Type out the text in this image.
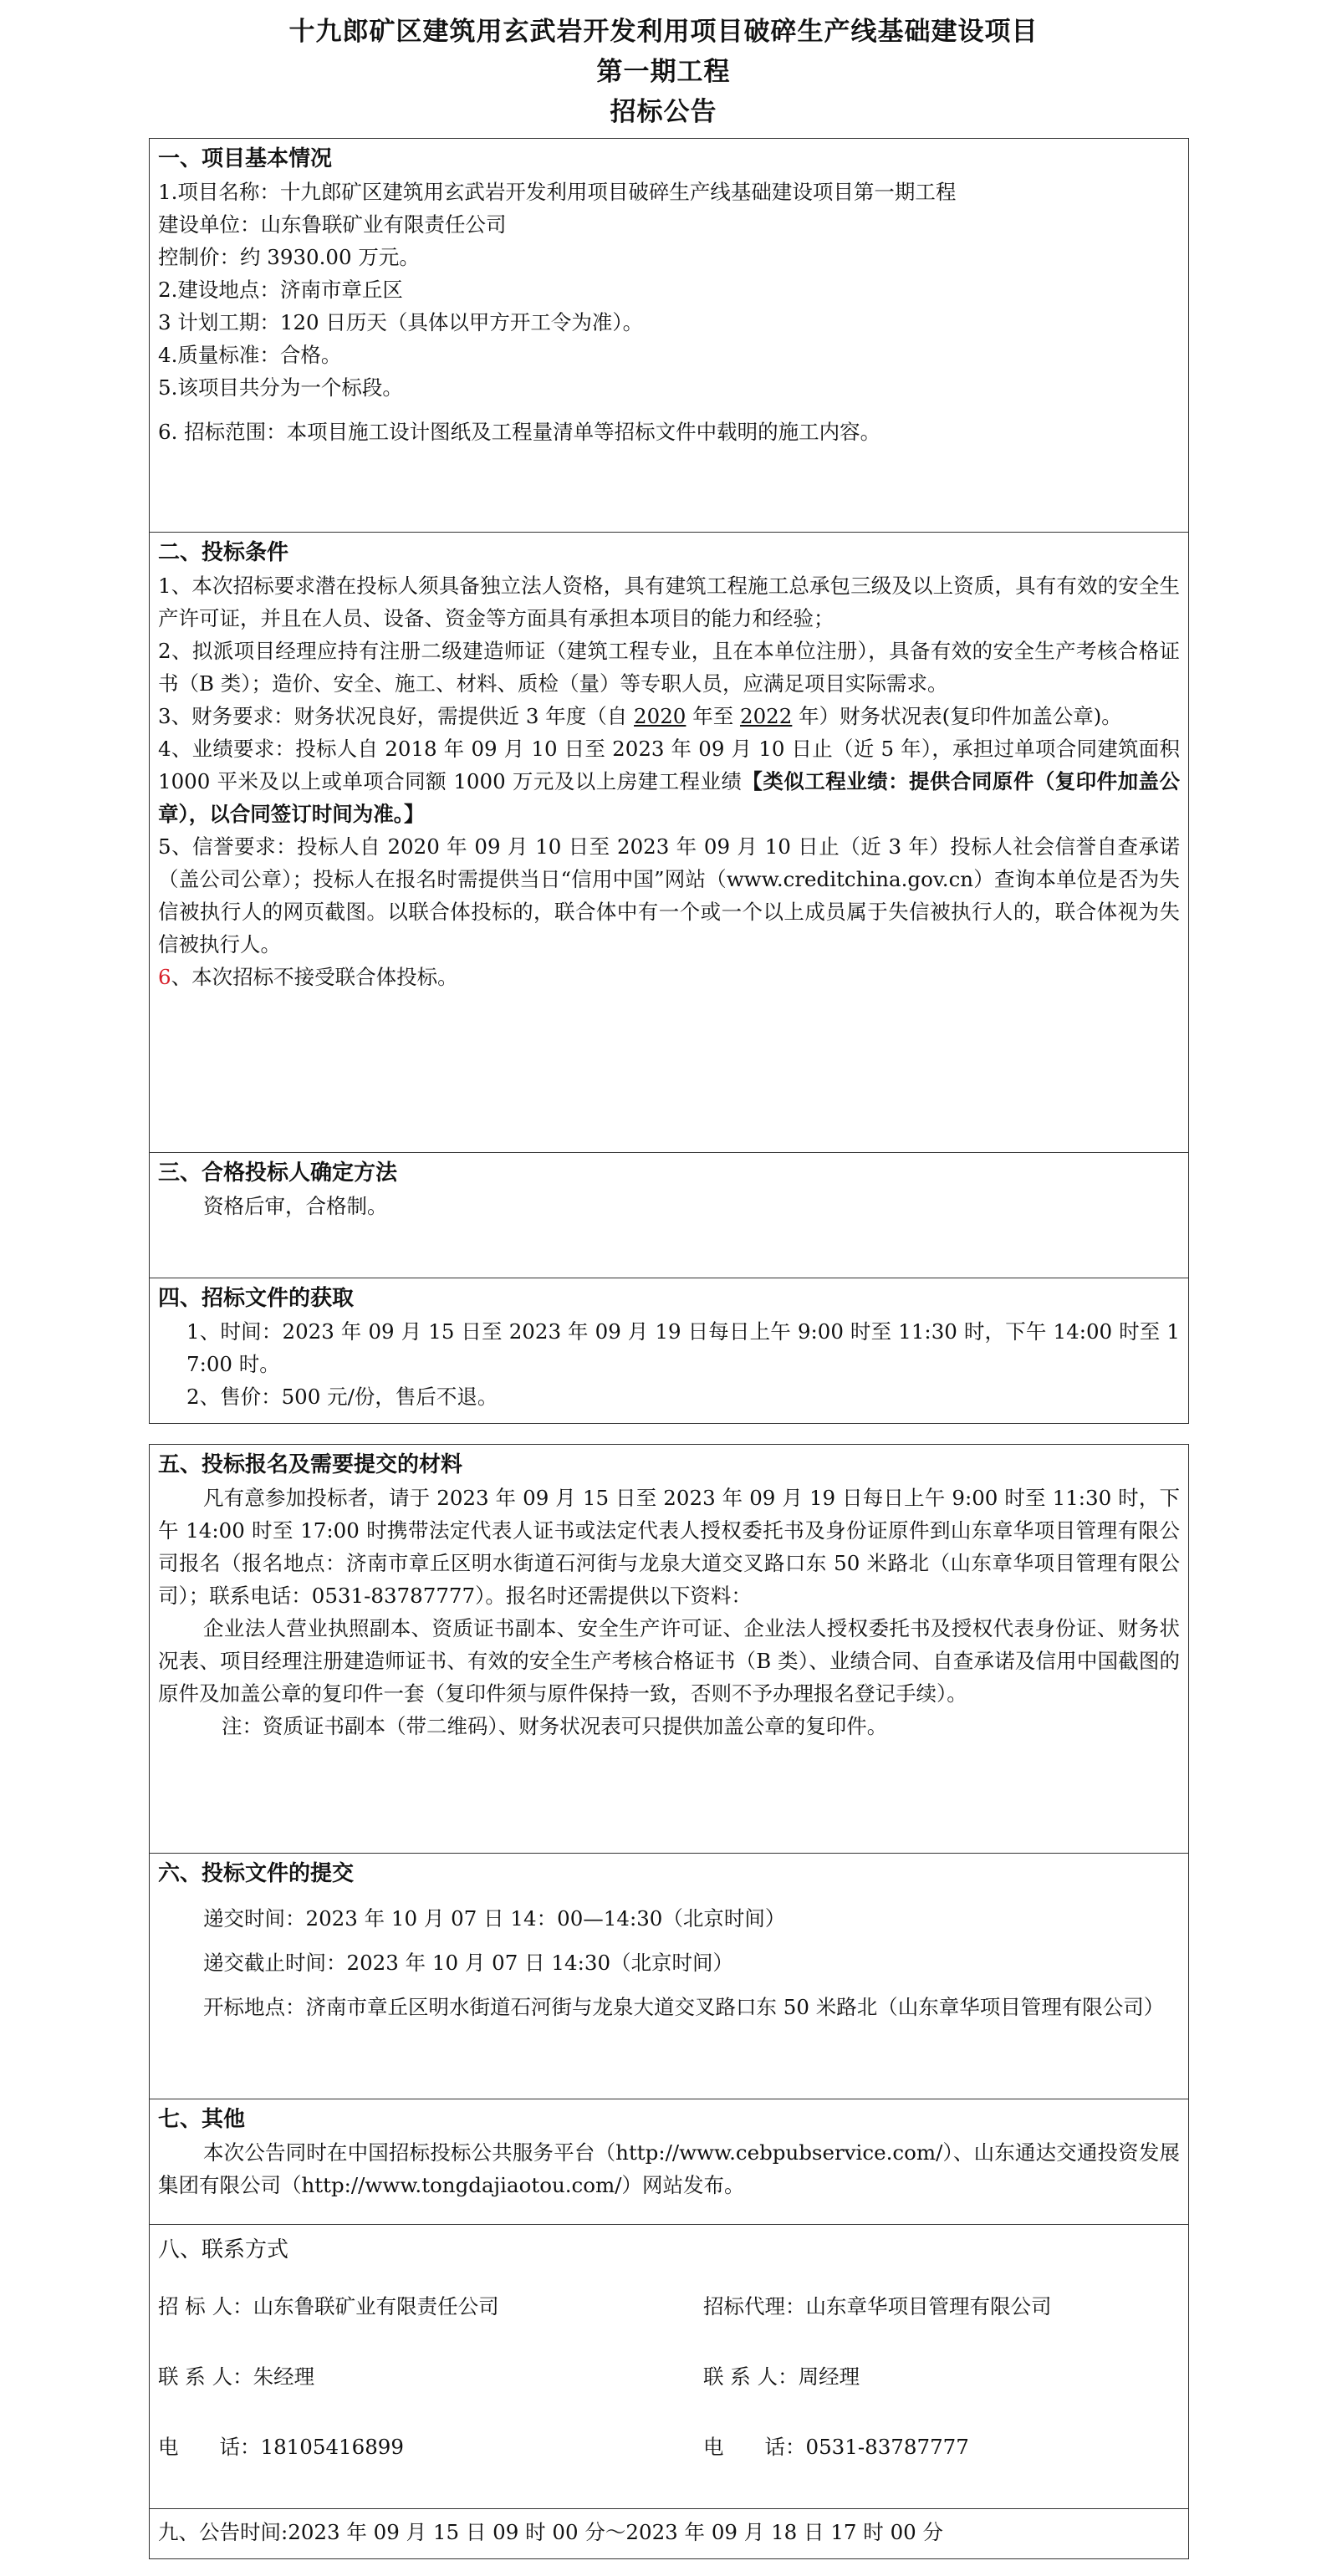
十九郎矿区建筑用玄武岩开发利用项目破碎生产线基础建设项目
第一期工程
招标公告
一、项目基本情况
1.项目名称：十九郎矿区建筑用玄武岩开发利用项目破碎生产线基础建设项目第一期工程
建设单位：山东鲁联矿业有限责任公司
控制价：约 3930.00 万元。
2.建设地点：济南市章丘区
3 计划工期：120 日历天（具体以甲方开工令为准）。
4.质量标准：合格。
5.该项目共分为一个标段。
6. 招标范围：本项目施工设计图纸及工程量清单等招标文件中载明的施工内容。
二、投标条件
1、本次招标要求潜在投标人须具备独立法人资格，具有建筑工程施工总承包三级及以上资质，具有有效的安全生产许可证，并且在人员、设备、资金等方面具有承担本项目的能力和经验；
2、拟派项目经理应持有注册二级建造师证（建筑工程专业，且在本单位注册），具备有效的安全生产考核合格证书（B 类）；造价、安全、施工、材料、质检（量）等专职人员，应满足项目实际需求。
3、财务要求：财务状况良好，需提供近 3 年度（自 2020 年至 2022 年）财务状况表(复印件加盖公章)。
4、业绩要求：投标人自 2018 年 09 月 10 日至 2023 年 09 月 10 日止（近 5 年），承担过单项合同建筑面积 1000 平米及以上或单项合同额 1000 万元及以上房建工程业绩【类似工程业绩：提供合同原件（复印件加盖公章），以合同签订时间为准。】
5、信誉要求：投标人自 2020 年 09 月 10 日至 2023 年 09 月 10 日止（近 3 年）投标人社会信誉自查承诺（盖公司公章）；投标人在报名时需提供当日“信用中国”网站（www.creditchina.gov.cn）查询本单位是否为失信被执行人的网页截图。以联合体投标的，联合体中有一个或一个以上成员属于失信被执行人的，联合体视为失信被执行人。
6、本次招标不接受联合体投标。
三、合格投标人确定方法
资格后审，合格制。
四、招标文件的获取
1、时间：2023 年 09 月 15 日至 2023 年 09 月 19 日每日上午 9:00 时至 11:30 时，下午 14:00 时至 17:00 时。
2、售价：500 元/份，售后不退。
五、投标报名及需要提交的材料
凡有意参加投标者，请于 2023 年 09 月 15 日至 2023 年 09 月 19 日每日上午 9:00 时至 11:30 时，下午 14:00 时至 17:00 时携带法定代表人证书或法定代表人授权委托书及身份证原件到山东章华项目管理有限公司报名（报名地点：济南市章丘区明水街道石河街与龙泉大道交叉路口东 50 米路北（山东章华项目管理有限公司）；联系电话：0531-83787777）。报名时还需提供以下资料：
企业法人营业执照副本、资质证书副本、安全生产许可证、企业法人授权委托书及授权代表身份证、财务状况表、项目经理注册建造师证书、有效的安全生产考核合格证书（B 类）、业绩合同、自查承诺及信用中国截图的原件及加盖公章的复印件一套（复印件须与原件保持一致，否则不予办理报名登记手续）。
注：资质证书副本（带二维码）、财务状况表可只提供加盖公章的复印件。
六、投标文件的提交
递交时间：2023 年 10 月 07 日 14：00—14:30（北京时间）
递交截止时间：2023 年 10 月 07 日 14:30（北京时间）
开标地点：济南市章丘区明水街道石河街与龙泉大道交叉路口东 50 米路北（山东章华项目管理有限公司）
七、其他
本次公告同时在中国招标投标公共服务平台（http://www.cebpubservice.com/）、山东通达交通投资发展集团有限公司（http://www.tongdajiaotou.com/）网站发布。
八、联系方式
招 标 人：山东鲁联矿业有限责任公司	招标代理：山东章华项目管理有限公司
联 系 人：朱经理	联 系 人：周经理
电　　话：18105416899	电　　话：0531-83787777
九、公告时间:2023 年 09 月 15 日 09 时 00 分～2023 年 09 月 18 日 17 时 00 分
